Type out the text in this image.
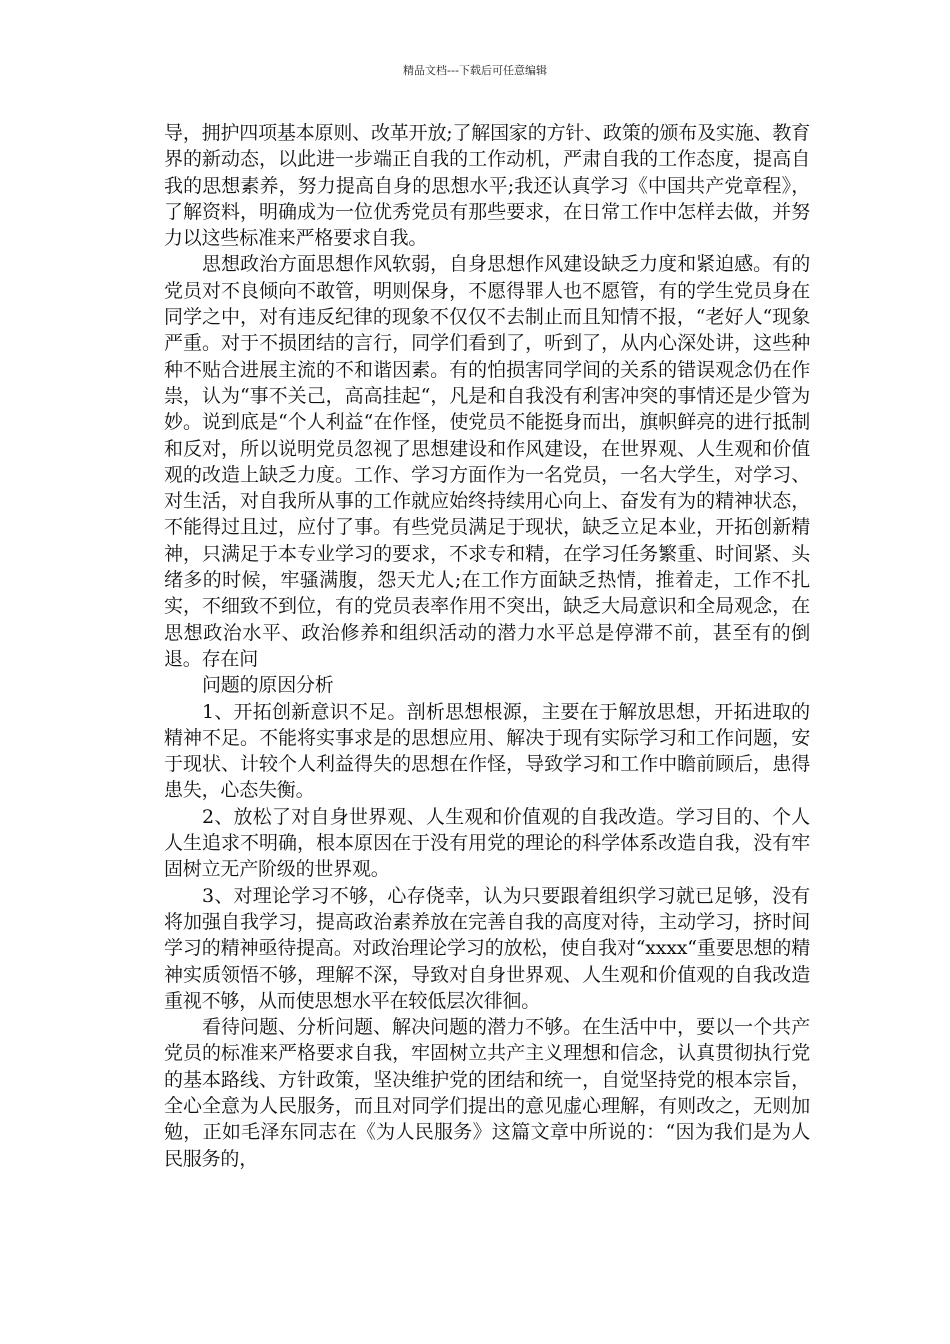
精品文档---下载后可任意编辑

导，拥护四项基本原则、改革开放;了解国家的方针、政策的颁布及实施、教育界的新动态，以此进一步端正自我的工作动机，严肃自我的工作态度，提高自我的思想素养，努力提高自身的思想水平;我还认真学习《中国共产党章程》，了解资料，明确成为一位优秀党员有那些要求，在日常工作中怎样去做，并努力以这些标准来严格要求自我。

思想政治方面思想作风软弱，自身思想作风建设缺乏力度和紧迫感。有的党员对不良倾向不敢管，明则保身，不愿得罪人也不愿管，有的学生党员身在同学之中，对有违反纪律的现象不仅仅不去制止而且知情不报，“老好人“现象严重。对于不损团结的言行，同学们看到了，听到了，从内心深处讲，这些种种不贴合进展主流的不和谐因素。有的怕损害同学间的关系的错误观念仍在作祟，认为“事不关己，高高挂起“，凡是和自我没有利害冲突的事情还是少管为妙。说到底是“个人利益“在作怪，使党员不能挺身而出，旗帜鲜亮的进行抵制和反对，所以说明党员忽视了思想建设和作风建设，在世界观、人生观和价值观的改造上缺乏力度。工作、学习方面作为一名党员，一名大学生，对学习、对生活，对自我所从事的工作就应始终持续用心向上、奋发有为的精神状态，不能得过且过，应付了事。有些党员满足于现状，缺乏立足本业，开拓创新精神，只满足于本专业学习的要求，不求专和精，在学习任务繁重、时间紧、头绪多的时候，牢骚满腹，怨天尤人;在工作方面缺乏热情，推着走，工作不扎实，不细致不到位，有的党员表率作用不突出，缺乏大局意识和全局观念，在思想政治水平、政治修养和组织活动的潜力水平总是停滞不前，甚至有的倒退。存在问

问题的原因分析

1、开拓创新意识不足。剖析思想根源，主要在于解放思想，开拓进取的精神不足。不能将实事求是的思想应用、解决于现有实际学习和工作问题，安于现状、计较个人利益得失的思想在作怪，导致学习和工作中瞻前顾后，患得患失，心态失衡。

2、放松了对自身世界观、人生观和价值观的自我改造。学习目的、个人人生追求不明确，根本原因在于没有用党的理论的科学体系改造自我，没有牢固树立无产阶级的世界观。

3、对理论学习不够，心存侥幸，认为只要跟着组织学习就已足够，没有将加强自我学习，提高政治素养放在完善自我的高度对待，主动学习，挤时间学习的精神亟待提高。对政治理论学习的放松，使自我对“xxxx“重要思想的精神实质领悟不够，理解不深，导致对自身世界观、人生观和价值观的自我改造重视不够，从而使思想水平在较低层次徘徊。

看待问题、分析问题、解决问题的潜力不够。在生活中中，要以一个共产党员的标准来严格要求自我，牢固树立共产主义理想和信念，认真贯彻执行党的基本路线、方针政策，坚决维护党的团结和统一，自觉坚持党的根本宗旨，全心全意为人民服务，而且对同学们提出的意见虚心理解，有则改之，无则加勉，正如毛泽东同志在《为人民服务》这篇文章中所说的：“因为我们是为人民服务的，
